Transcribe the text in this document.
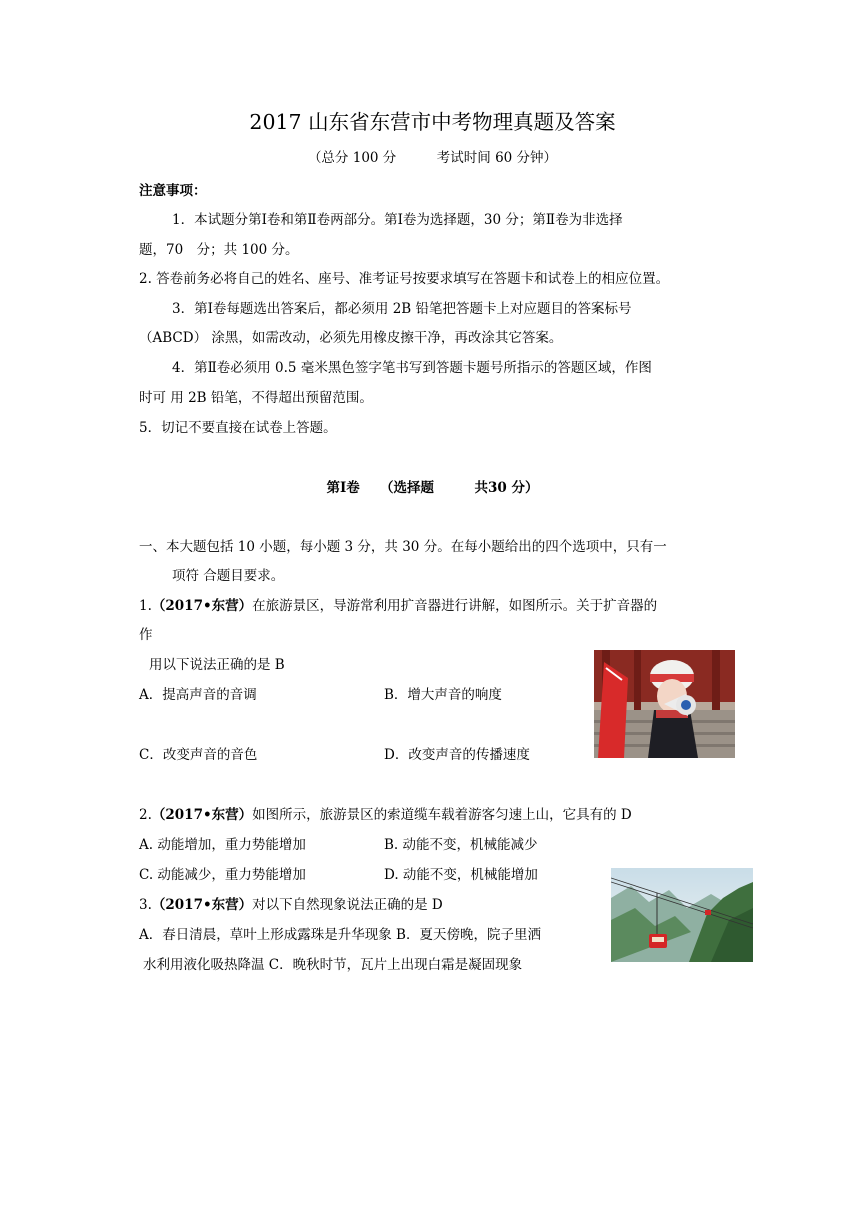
2017 山东省东营市中考物理真题及答案
（总分 100 分　　　考试时间 60 分钟）
注意事项：
1．本试题分第Ⅰ卷和第Ⅱ卷两部分。第Ⅰ卷为选择题，30 分；第Ⅱ卷为非选择
题，70　分；共 100 分。
2. 答卷前务必将自己的姓名、座号、准考证号按要求填写在答题卡和试卷上的相应位置。
3．第Ⅰ卷每题选出答案后，都必须用 2B 铅笔把答题卡上对应题目的答案标号
（ABCD） 涂黑，如需改动，必须先用橡皮擦干净，再改涂其它答案。
4．第Ⅱ卷必须用 0.5 毫米黑色签字笔书写到答题卡题号所指示的答题区域，作图
时可 用 2B 铅笔，不得超出预留范围。
5．切记不要直接在试卷上答题。
第Ⅰ卷　　（选择题　　　共30 分）
一、本大题包括 10 小题，每小题 3 分，共 30 分。在每小题给出的四个选项中，只有一
项符 合题目要求。
1.（2017•东营）在旅游景区，导游常利用扩音器进行讲解，如图所示。关于扩音器的
作
用以下说法正确的是 B
A．提高声音的音调	B．增大声音的响度
C．改变声音的音色	D．改变声音的传播速度
2.（2017•东营）如图所示，旅游景区的索道缆车载着游客匀速上山，它具有的 D
A. 动能增加，重力势能增加	B. 动能不变，机械能减少
C. 动能减少，重力势能增加	D. 动能不变，机械能增加
3.（2017•东营）对以下自然现象说法正确的是 D
A．春日清晨，草叶上形成露珠是升华现象 B．夏天傍晚，院子里洒
水利用液化吸热降温 C．晚秋时节，瓦片上出现白霜是凝固现象
